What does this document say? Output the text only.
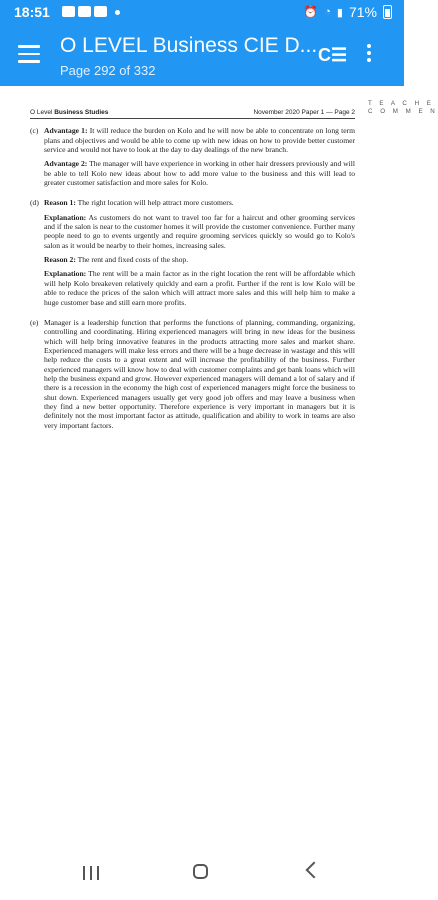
18:51	⏰ ◔ ▮ 71%
O LEVEL Business CIE D...
Page 292 of 332
C☰
O Level Business Studies	November 2020 Paper 1 — Page 2
T E A C H E
C O M M E N
(c) Advantage 1: It will reduce the burden on Kolo and he will now be able to concentrate on long term plans and objectives and would be able to come up with new ideas on how to provide better customer service and would not have to look at the day to day dealings of the new branch.

Advantage 2: The manager will have experience in working in other hair dressers previously and will be able to tell Kolo new ideas about how to add more value to the business and this will lead to greater customer satisfaction and more sales for Kolo.

(d) Reason 1: The right location will help attract more customers.

Explanation: As customers do not want to travel too far for a haircut and other grooming services and if the salon is near to the customer homes it will provide the customer convenience. Further many people need to go to events urgently and require grooming services quickly so would go to Kolo's salon as it would be nearby to their homes, increasing sales.

Reason 2: The rent and fixed costs of the shop.

Explanation: The rent will be a main factor as in the right location the rent will be affordable which will help Kolo breakeven relatively quickly and earn a profit. Further if the rent is low Kolo will be able to reduce the prices of the salon which will attract more sales and this will help him to make a huge customer base and still earn more profits.

(e) Manager is a leadership function that performs the functions of planning, commanding, organizing, controlling and coordinating. Hiring experienced managers will bring in new ideas for the business which will help bring innovative features in the products attracting more sales and market share. Experienced managers will make less errors and there will be a huge decrease in wastage and this will help reduce the costs to a great extent and will increase the profitability of the business. Further experienced managers will know how to deal with customer complaints and get bank loans which will help the business expand and grow. However experienced managers will demand a lot of salary and if there is a recession in the economy the high cost of experienced managers might force the business to shut down. Experienced managers usually get very good job offers and may leave a business when they find a new better opportunity. Therefore experience is very important in managers but it is definitely not the most important factor as attitude, qualification and ability to work in teams are also very important factors.
